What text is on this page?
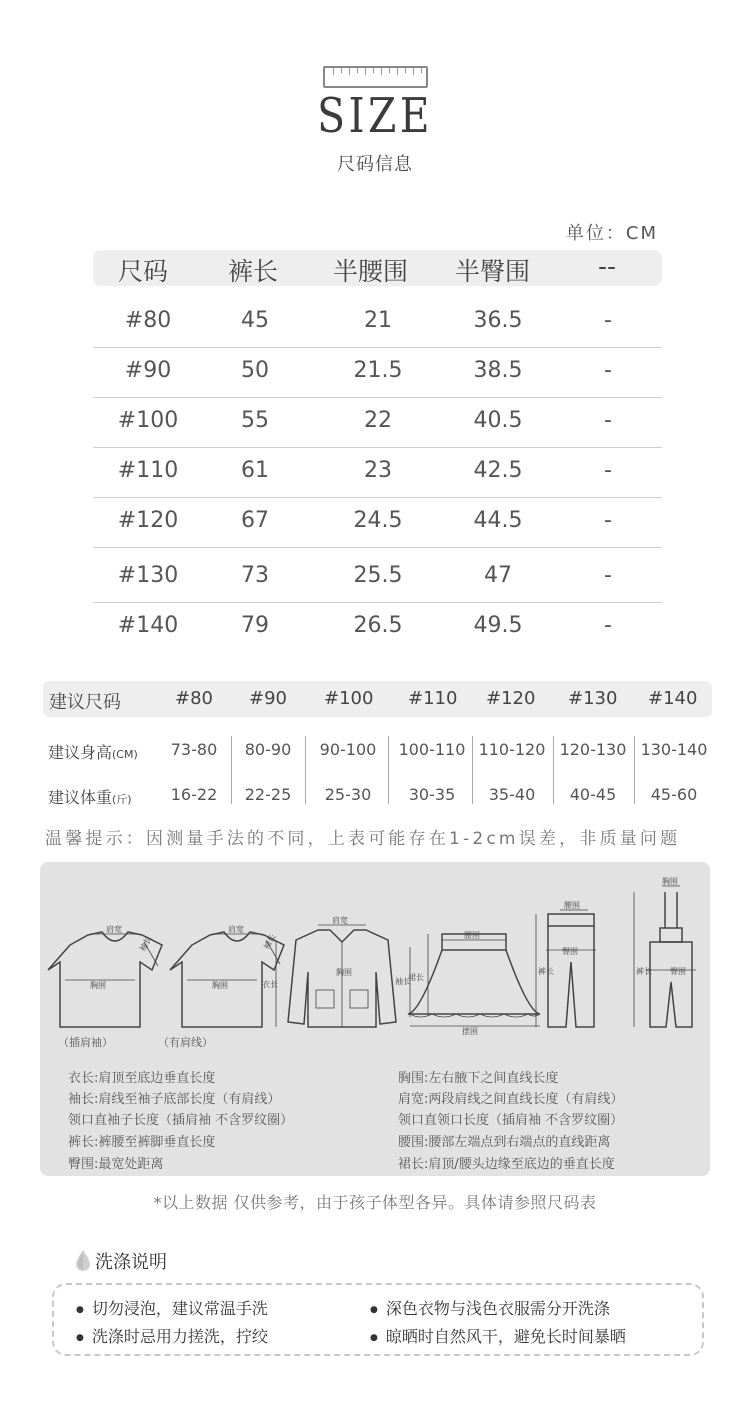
SIZE
尺码信息
单位：CM
尺码 裤长 半腰围 半臀围	--
#80	45	21	36.5	-
#90	50	21.5	38.5	-
#100	55	22	40.5	-
#110	61	23	42.5	-
#120	67	24.5	44.5	-
#130	73	25.5	47	-
#140	79	26.5	49.5	-
建议尺码	#80 #90 #100 #110 #120 #130 #140
建议身高(CM)	73-80	80-90	90-100	100-110 110-120 120-130 130-140
建议体重(斤)	16-22	22-25	25-30	30-35	35-40	40-45	45-60
温馨提示：因测量手法的不同，上表可能存在1-2cm误差，非质量问题
肩宽
袖长
胸围
肩宽
袖长
胸围
肩宽
胸围
衣长	袖长
腰围
摆围
裙长
腰围
臀围
裤长
胸围
臀围
裤长
（插肩袖）	（有肩线）
衣长:肩顶至底边垂直长度
袖长:肩线至袖子底部长度（有肩线）
领口直袖子长度（插肩袖 不含罗纹圈）
裤长:裤腰至裤脚垂直长度
臀围:最宽处距离
胸围:左右腋下之间直线长度
肩宽:两段肩线之间直线长度（有肩线）
领口直领口长度（插肩袖 不含罗纹圈）
腰围:腰部左端点到右端点的直线距离
裙长:肩顶/腰头边缘至底边的垂直长度
*以上数据 仅供参考，由于孩子体型各异。具体请参照尺码表
洗涤说明
● 切勿浸泡，建议常温手洗	● 深色衣物与浅色衣服需分开洗涤
● 洗涤时忌用力搓洗，拧绞	● 晾晒时自然风干，避免长时间暴晒
